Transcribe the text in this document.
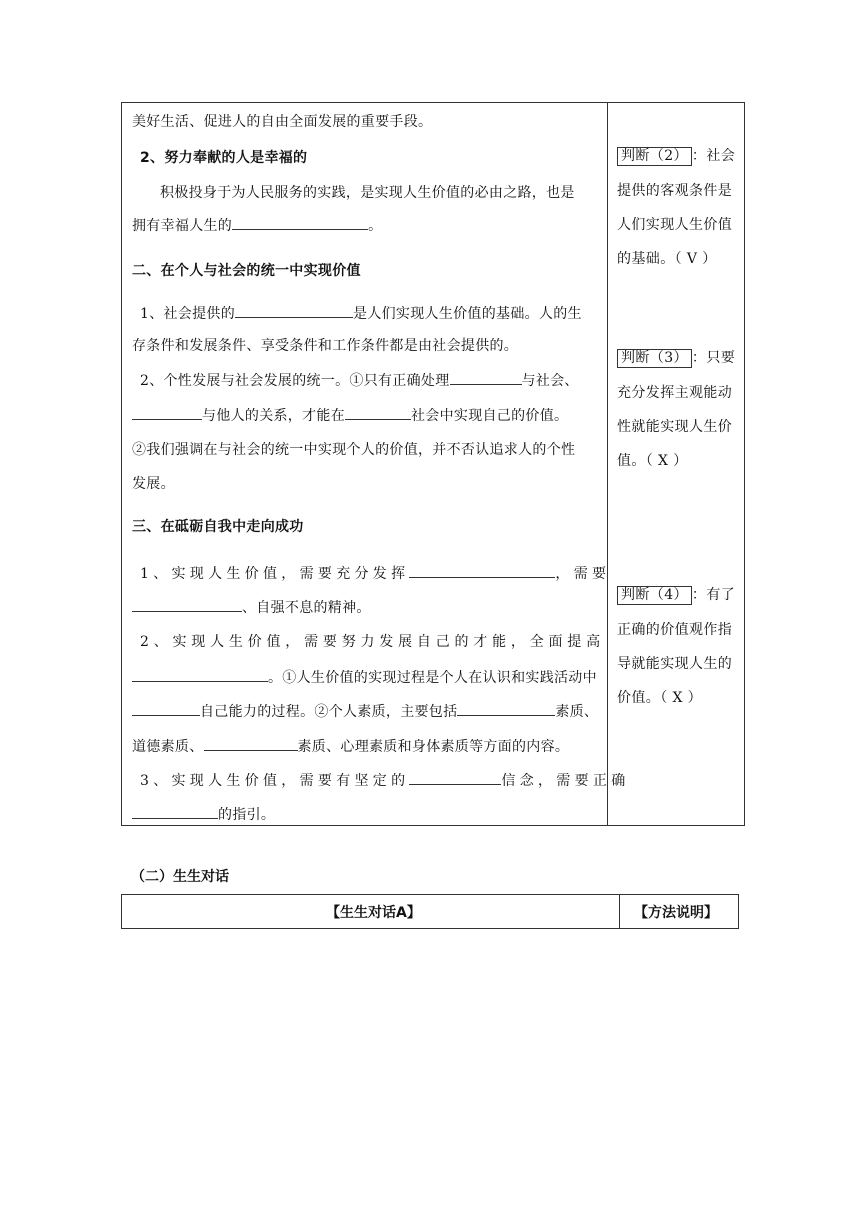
美好生活、促进人的自由全面发展的重要手段。
2、努力奉献的人是幸福的
积极投身于为人民服务的实践，是实现人生价值的必由之路，也是
拥有幸福人生的	。
二、在个人与社会的统一中实现价值
1、社会提供的	是人们实现人生价值的基础。人的生
存条件和发展条件、享受条件和工作条件都是由社会提供的。
2、个性发展与社会发展的统一。①只有正确处理	与社会、
与他人的关系，才能在	社会中实现自己的价值。
②我们强调在与社会的统一中实现个人的价值，并不否认追求人的个性
发展。
三、在砥砺自我中走向成功
1、实现人生价值，需要充分发挥	，需要
、自强不息的精神。
2、实现人生价值，需要努力发展自己的才能，全面提高
。①人生价值的实现过程是个人在认识和实践活动中
自己能力的过程。②个人素质，主要包括	素质、
道德素质、	素质、心理素质和身体素质等方面的内容。
3、实现人生价值，需要有坚定的	信念，需要正确
的指引。
判断（2） ：社会
提供的客观条件是
人们实现人生价值
的基础。（ V ）
判断（3） ：只要
充分发挥主观能动
性就能实现人生价
值。（ X ）
判断（4） ：有了
正确的价值观作指
导就能实现人生的
价值。（ X ）
（二）生生对话
【生生对话A】	【方法说明】
